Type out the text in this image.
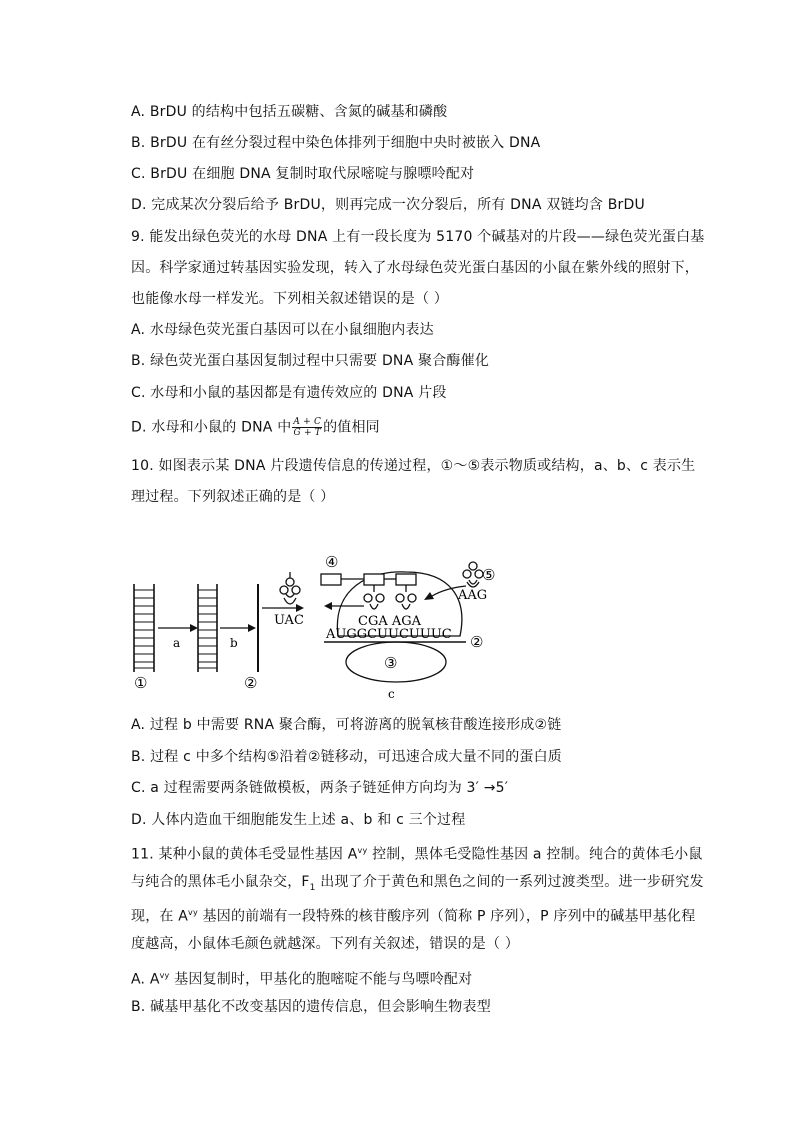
A. BrDU 的结构中包括五碳糖、含氮的碱基和磷酸
B. BrDU 在有丝分裂过程中染色体排列于细胞中央时被嵌入 DNA
C. BrDU 在细胞 DNA 复制时取代尿嘧啶与腺嘌呤配对
D. 完成某次分裂后给予 BrDU，则再完成一次分裂后，所有 DNA 双链均含 BrDU
9. 能发出绿色荧光的水母 DNA 上有一段长度为 5170 个碱基对的片段——绿色荧光蛋白基
因。科学家通过转基因实验发现，转入了水母绿色荧光蛋白基因的小鼠在紫外线的照射下，
也能像水母一样发光。下列相关叙述错误的是（ ）
A. 水母绿色荧光蛋白基因可以在小鼠细胞内表达
B. 绿色荧光蛋白基因复制过程中只需要 DNA 聚合酶催化
C. 水母和小鼠的基因都是有遗传效应的 DNA 片段
D. 水母和小鼠的 DNA 中 $\frac{A + C}{G + T}$ 的值相同
10. 如图表示某 DNA 片段遗传信息的传递过程，①～⑤表示物质或结构，a、b、c 表示生
理过程。下列叙述正确的是（ ）
①
a	b
②
UAC
③
c
AUGGCUUCUUUC ②
④
CGA AGA
⑤
AAG
A. 过程 b 中需要 RNA 聚合酶，可将游离的脱氧核苷酸连接形成②链
B. 过程 c 中多个结构⑤沿着②链移动，可迅速合成大量不同的蛋白质
C. a 过程需要两条链做模板，两条子链延伸方向均为 3′ →5′
D. 人体内造血干细胞能发生上述 a、b 和 c 三个过程
11. 某种小鼠的黄体毛受显性基因 $A^{vy}$ 控制，黑体毛受隐性基因 a 控制。纯合的黄体毛小鼠
与纯合的黑体毛小鼠杂交，$F_1$ 出现了介于黄色和黑色之间的一系列过渡类型。进一步研究发
现，在 $A^{vy}$ 基因的前端有一段特殊的核苷酸序列（简称 P 序列），P 序列中的碱基甲基化程
度越高，小鼠体毛颜色就越深。下列有关叙述，错误的是（ ）
A. $A^{vy}$ 基因复制时，甲基化的胞嘧啶不能与鸟嘌呤配对
B. 碱基甲基化不改变基因的遗传信息，但会影响生物表型
